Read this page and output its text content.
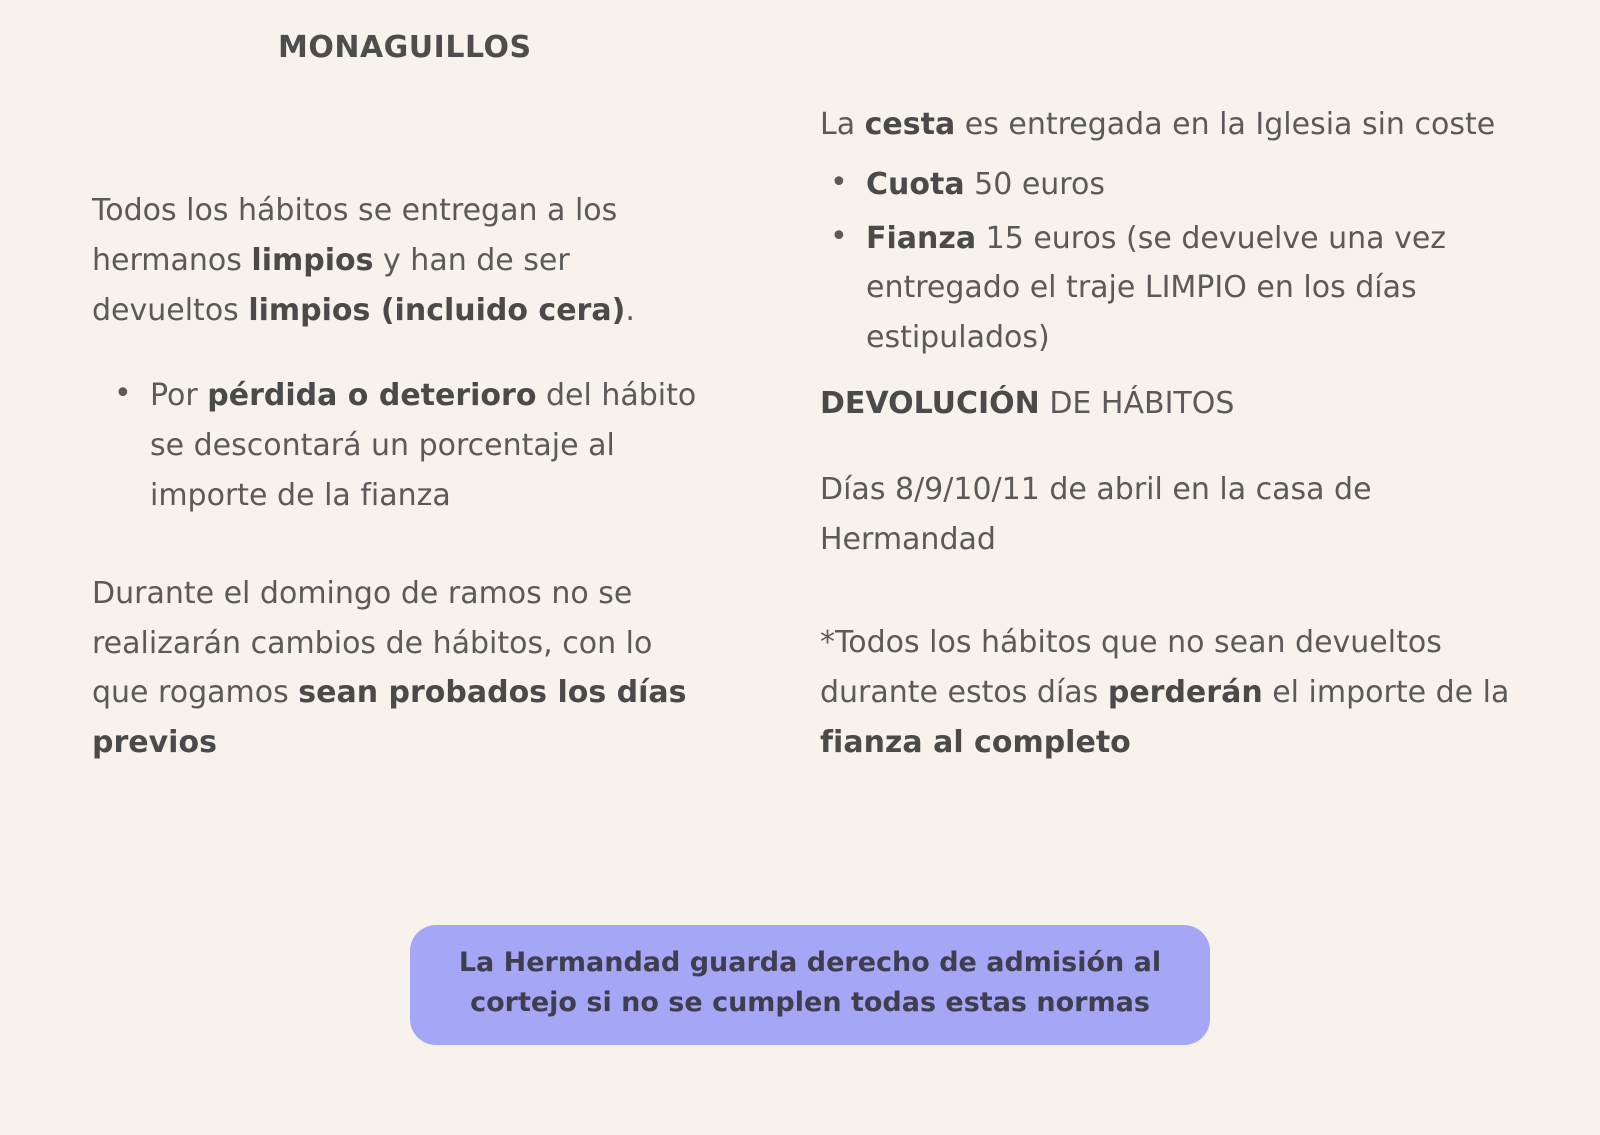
MONAGUILLOS

Todos los hábitos se entregan a los hermanos limpios y han de ser devueltos limpios (incluido cera).

• Por pérdida o deterioro del hábito se descontará un porcentaje al importe de la fianza

Durante el domingo de ramos no se realizarán cambios de hábitos, con lo que rogamos sean probados los días previos

La cesta es entregada en la Iglesia sin coste

• Cuota 50 euros
• Fianza 15 euros (se devuelve una vez entregado el traje LIMPIO en los días estipulados)

DEVOLUCIÓN DE HÁBITOS

Días 8/9/10/11 de abril en la casa de Hermandad

*Todos los hábitos que no sean devueltos durante estos días perderán el importe de la fianza al completo

La Hermandad guarda derecho de admisión al cortejo si no se cumplen todas estas normas
